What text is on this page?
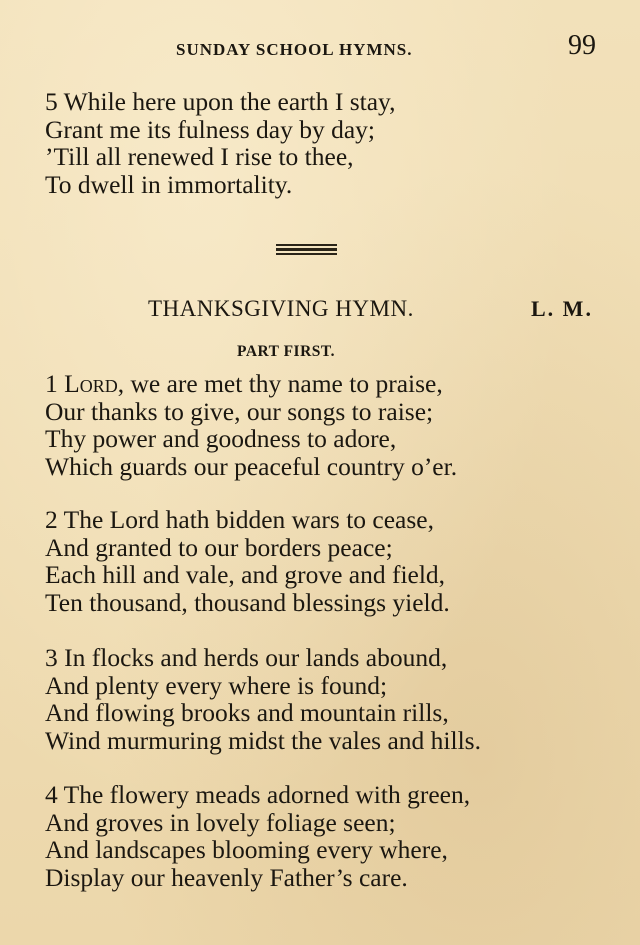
SUNDAY SCHOOL HYMNS.	99
5 While here upon the earth I stay,
Grant me its fulness day by day;
’Till all renewed I rise to thee,
To dwell in immortality.
THANKSGIVING HYMN.	L. M.
PART FIRST.
1 Lord, we are met thy name to praise,
Our thanks to give, our songs to raise;
Thy power and goodness to adore,
Which guards our peaceful country o’er.
2 The Lord hath bidden wars to cease,
And granted to our borders peace;
Each hill and vale, and grove and field,
Ten thousand, thousand blessings yield.
3 In flocks and herds our lands abound,
And plenty every where is found;
And flowing brooks and mountain rills,
Wind murmuring midst the vales and hills.
4 The flowery meads adorned with green,
And groves in lovely foliage seen;
And landscapes blooming every where,
Display our heavenly Father’s care.
